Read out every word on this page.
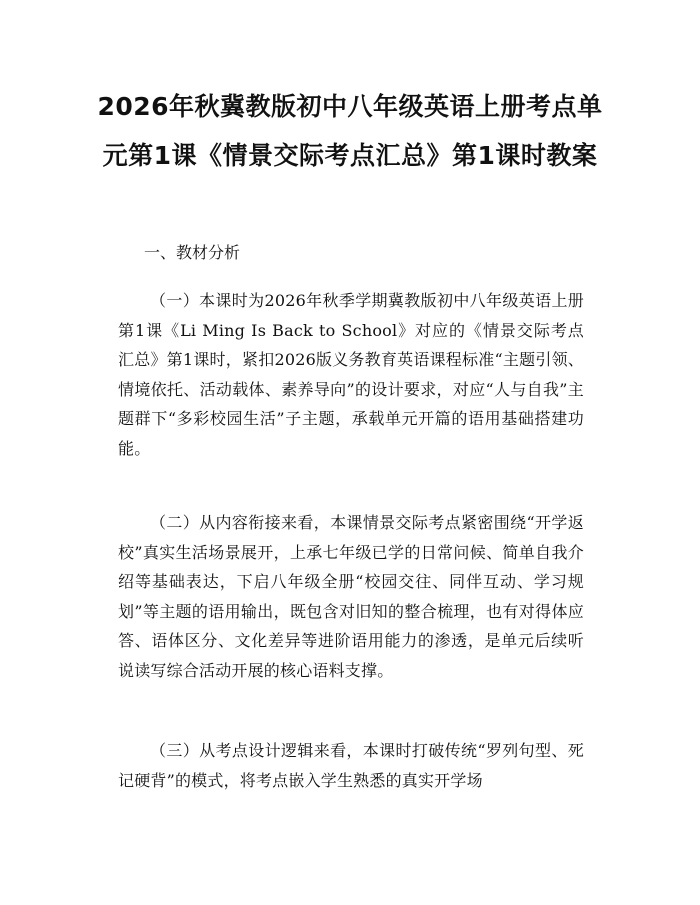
2026年秋冀教版初中八年级英语上册考点单元第1课《情景交际考点汇总》第1课时教案
一、教材分析

（一）本课时为2026年秋季学期冀教版初中八年级英语上册第1课《Li Ming Is Back to School》对应的《情景交际考点汇总》第1课时，紧扣2026版义务教育英语课程标准“主题引领、情境依托、活动载体、素养导向”的设计要求，对应“人与自我”主题群下“多彩校园生活”子主题，承载单元开篇的语用基础搭建功能。

（二）从内容衔接来看，本课情景交际考点紧密围绕“开学返校”真实生活场景展开，上承七年级已学的日常问候、简单自我介绍等基础表达，下启八年级全册“校园交往、同伴互动、学习规划”等主题的语用输出，既包含对旧知的整合梳理，也有对得体应答、语体区分、文化差异等进阶语用能力的渗透，是单元后续听说读写综合活动开展的核心语料支撑。

（三）从考点设计逻辑来看，本课时打破传统“罗列句型、死记硬背”的模式，将考点嵌入学生熟悉的真实开学场
